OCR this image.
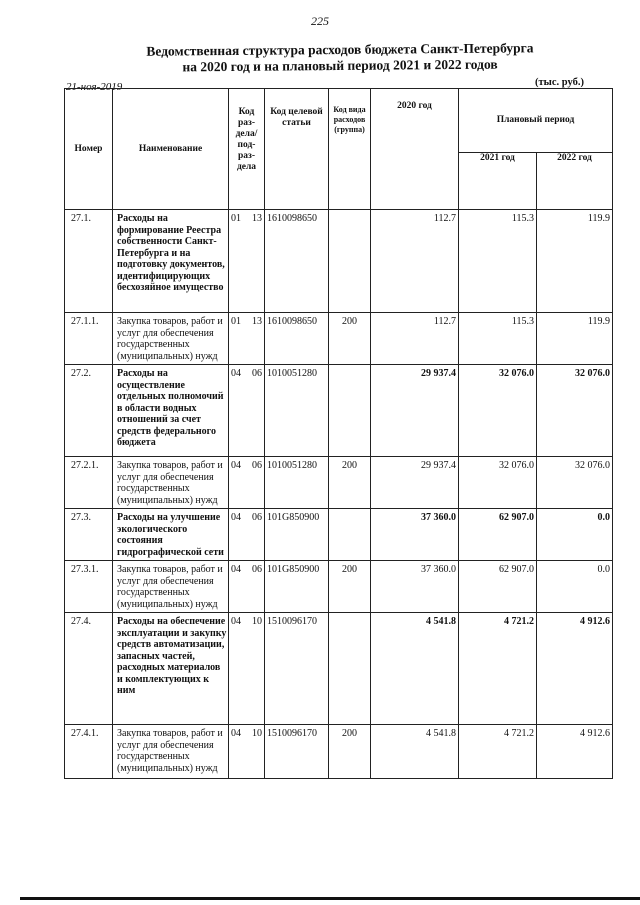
225
Ведомственная структура расходов бюджета Санкт-Петербурга
на 2020 год и на плановый период 2021 и 2022 годов
21-ноя-2019	(тыс. руб.)
Номер	Наименование	Код раз- дела/ под- раз- дела		Код целевой статьи	Код вида расходов (группа)	2020 год	Плановый период	
							2021 год	2022 год
27.1.	Расходы на формирование Реестра собственности Санкт-Петербурга и на подготовку документов, идентифицирующих бесхозяйное имущество	01	13	1610098650		112.7	115.3	119.9
27.1.1.	Закупка товаров, работ и услуг для обеспечения государственных (муниципальных) нужд	01	13	1610098650	200	112.7	115.3	119.9
27.2.	Расходы на осуществление отдельных полномочий в области водных отношений за счет средств федерального бюджета	04	06	1010051280		29 937.4	32 076.0	32 076.0
27.2.1.	Закупка товаров, работ и услуг для обеспечения государственных (муниципальных) нужд	04	06	1010051280	200	29 937.4	32 076.0	32 076.0
27.3.	Расходы на улучшение экологического состояния гидрографической сети	04	06	101G850900		37 360.0	62 907.0	0.0
27.3.1.	Закупка товаров, работ и услуг для обеспечения государственных (муниципальных) нужд	04	06	101G850900	200	37 360.0	62 907.0	0.0
27.4.	Расходы на обеспечение эксплуатации и закупку средств автоматизации, запасных частей, расходных материалов и комплектующих к ним	04	10	1510096170		4 541.8	4 721.2	4 912.6
27.4.1.	Закупка товаров, работ и услуг для обеспечения государственных (муниципальных) нужд	04	10	1510096170	200	4 541.8	4 721.2	4 912.6
